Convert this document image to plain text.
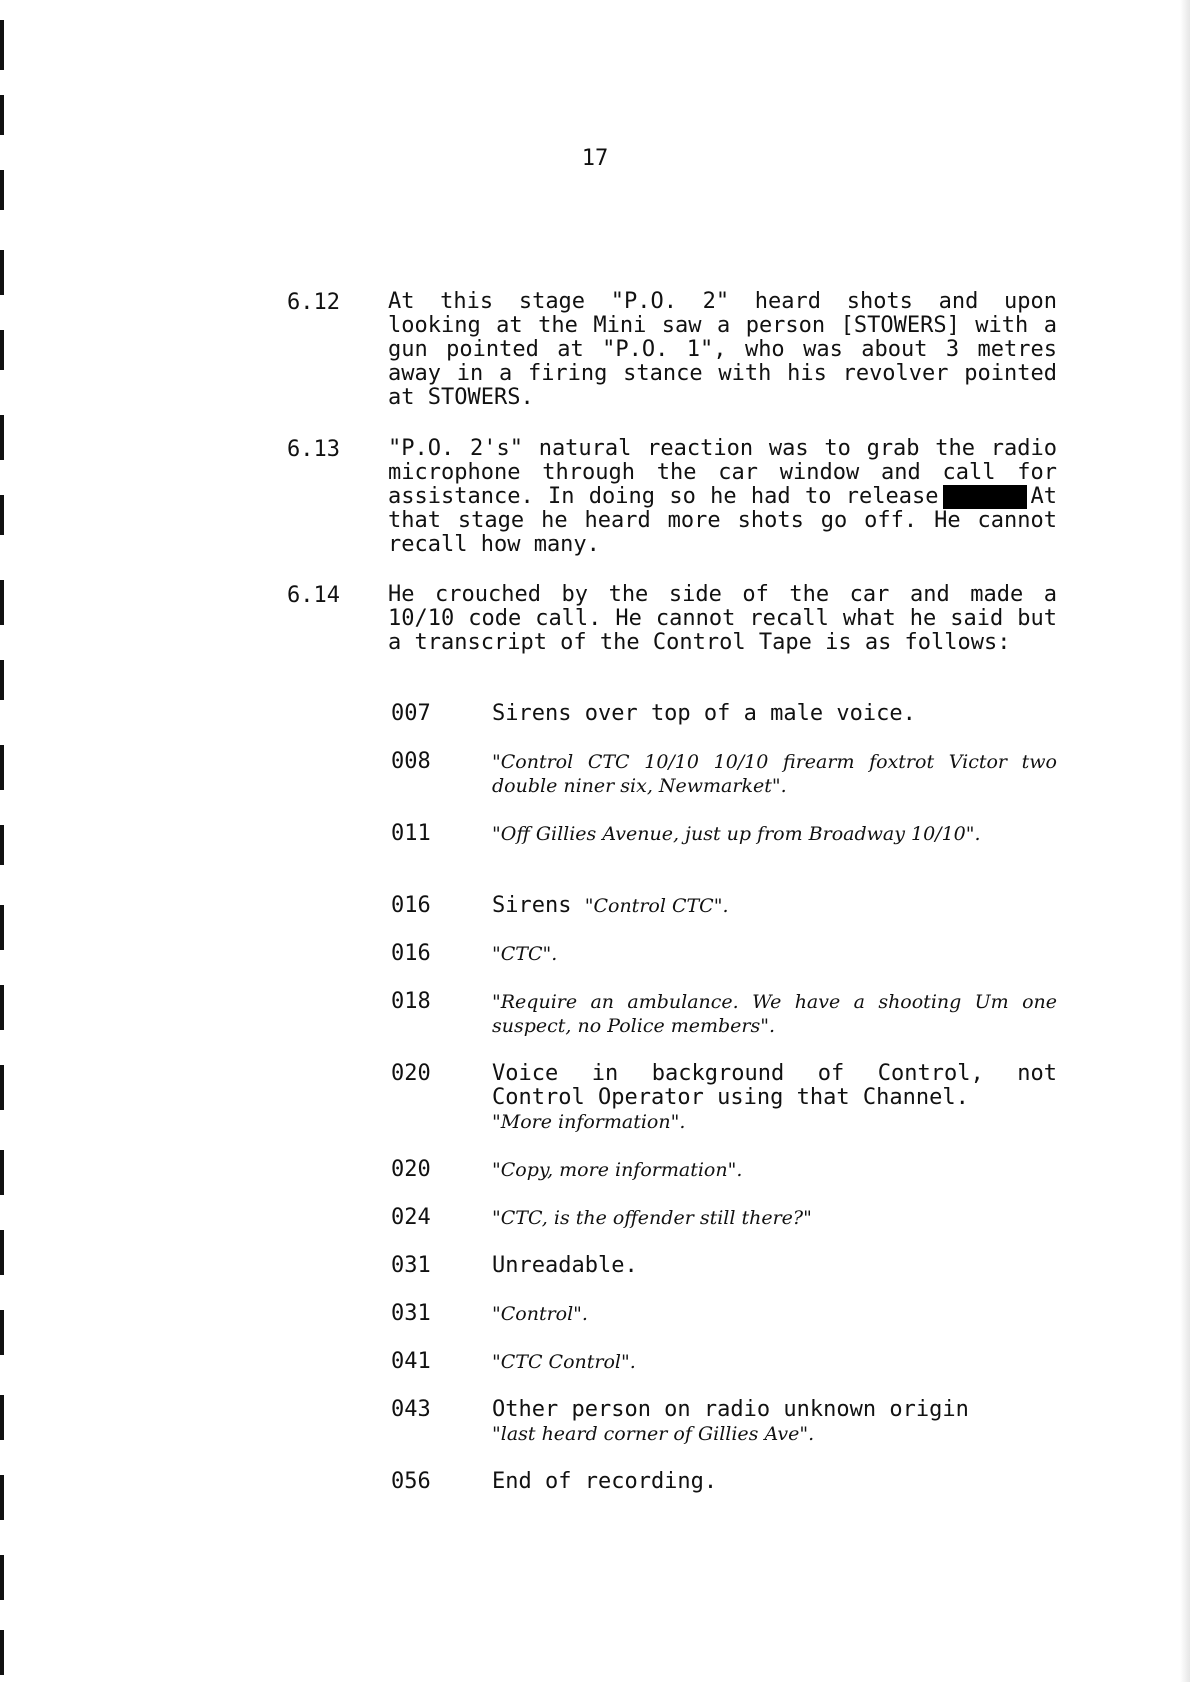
17
6.12 At this stage "P.O. 2" heard shots and upon looking at the Mini saw a person [STOWERS] with a gun pointed at "P.O. 1", who was about 3 metres away in a firing stance with his revolver pointed at STOWERS.
6.13 "P.O. 2's" natural reaction was to grab the radio microphone through the car window and call for assistance. In doing so he had to release	At that stage he heard more shots go off. He cannot recall how many.
6.14 He crouched by the side of the car and made a 10/10 code call. He cannot recall what he said but a transcript of the Control Tape is as follows:
007	Sirens over top of a male voice.
008	"Control CTC 10/10 10/10 firearm foxtrot Victor two double niner six, Newmarket".
011	"Off Gillies Avenue, just up from Broadway 10/10".
016	Sirens "Control CTC".
016	"CTC".
018	"Require an ambulance. We have a shooting Um one suspect, no Police members".
020	Voice in background of Control, not Control Operator using that Channel.
"More information".
020	"Copy, more information".
024	"CTC, is the offender still there?"
031	Unreadable.
031	"Control".
041	"CTC Control".
043	Other person on radio unknown origin
"last heard corner of Gillies Ave".
056	End of recording.
